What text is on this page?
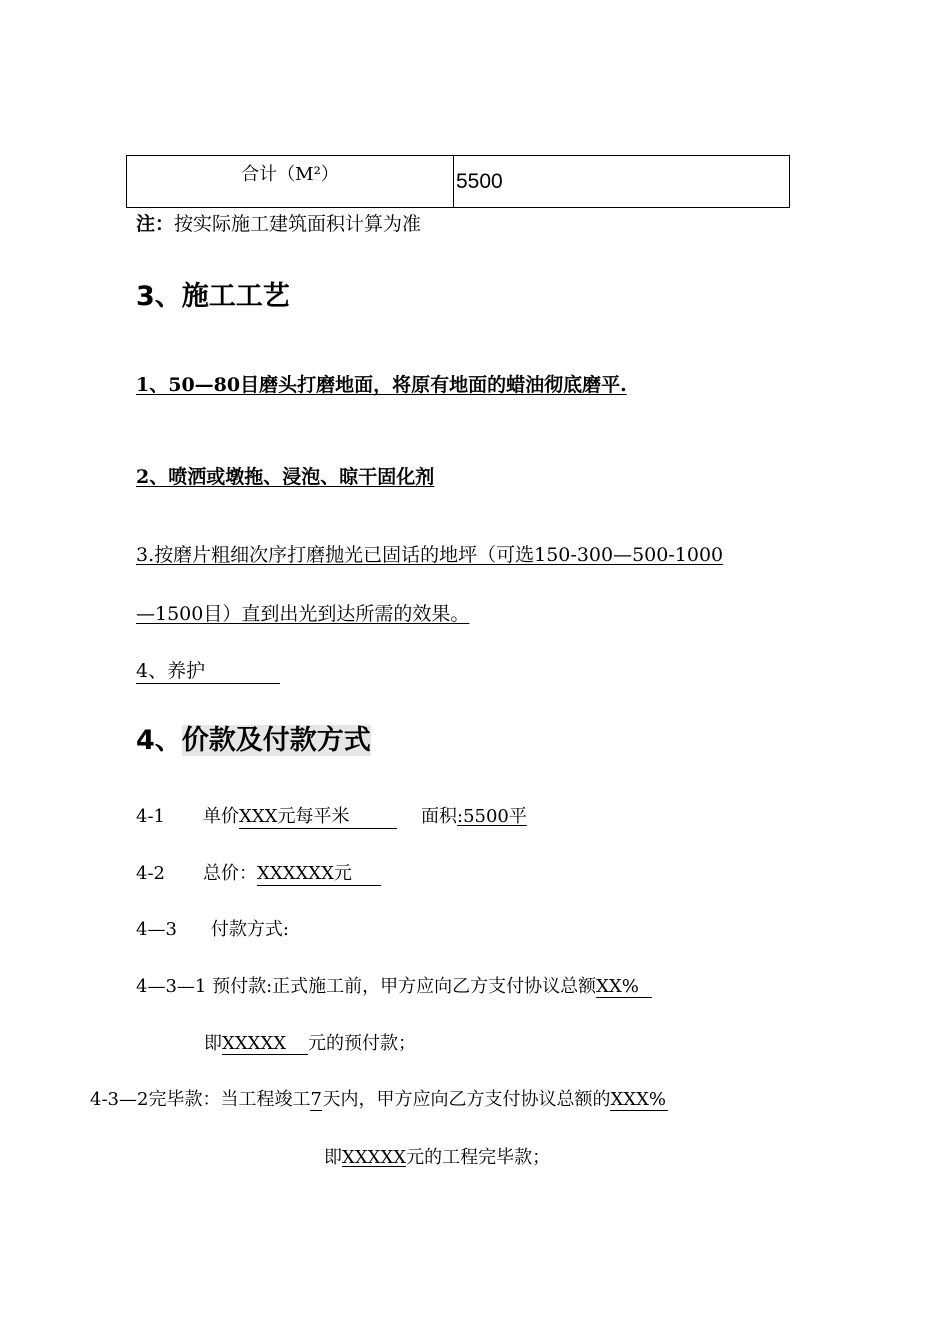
合计（M²）	5500
注：按实际施工建筑面积计算为准
3、施工工艺
1、50—80目磨头打磨地面，将原有地面的蜡油彻底磨平.
2、喷洒或墩拖、浸泡、晾干固化剂
3.按磨片粗细次序打磨抛光已固话的地坪（可选150-300—500-1000
—1500目）直到出光到达所需的效果。
4、养护
4、价款及付款方式
4-1 单价XXX元每平米	面积:5500平
4-2 总价：XXXXXX元
4—3 付款方式:
4—3—1 预付款:正式施工前，甲方应向乙方支付协议总额XX%
即XXXXX 元的预付款；
4-3—2完毕款：当工程竣工7天内，甲方应向乙方支付协议总额的XXX%
即XXXXX元的工程完毕款；
